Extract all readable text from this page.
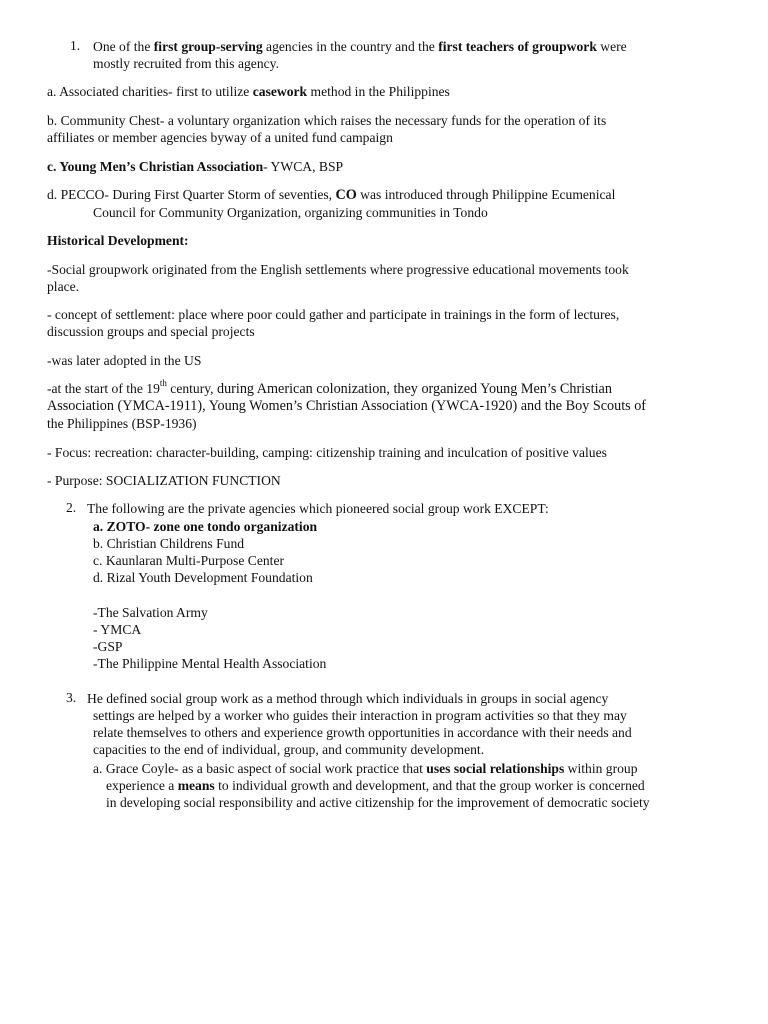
1. One of the first group-serving agencies in the country and the first teachers of groupwork were

mostly recruited from this agency.

a. Associated charities- first to utilize casework method in the Philippines

b. Community Chest- a voluntary organization which raises the necessary funds for the operation of its

affiliates or member agencies byway of a united fund campaign

c. Young Men’s Christian Association- YWCA, BSP

d. PECCO- During First Quarter Storm of seventies, CO was introduced through Philippine Ecumenical

Council for Community Organization, organizing communities in Tondo

Historical Development:

-Social groupwork originated from the English settlements where progressive educational movements took

place.

- concept of settlement: place where poor could gather and participate in trainings in the form of lectures,

discussion groups and special projects

-was later adopted in the US

-at the start of the 19th century, during American colonization, they organized Young Men’s Christian

Association (YMCA-1911), Young Women’s Christian Association (YWCA-1920) and the Boy Scouts of

the Philippines (BSP-1936)

- Focus: recreation: character-building, camping: citizenship training and inculcation of positive values

- Purpose: SOCIALIZATION FUNCTION

2. The following are the private agencies which pioneered social group work EXCEPT:

a. ZOTO- zone one tondo organization

b. Christian Childrens Fund

c. Kaunlaran Multi-Purpose Center

d. Rizal Youth Development Foundation

-The Salvation Army

- YMCA

-GSP

-The Philippine Mental Health Association

3. He defined social group work as a method through which individuals in groups in social agency

settings are helped by a worker who guides their interaction in program activities so that they may

relate themselves to others and experience growth opportunities in accordance with their needs and

capacities to the end of individual, group, and community development.

a. Grace Coyle- as a basic aspect of social work practice that uses social relationships within group

experience a means to individual growth and development, and that the group worker is concerned

in developing social responsibility and active citizenship for the improvement of democratic society
